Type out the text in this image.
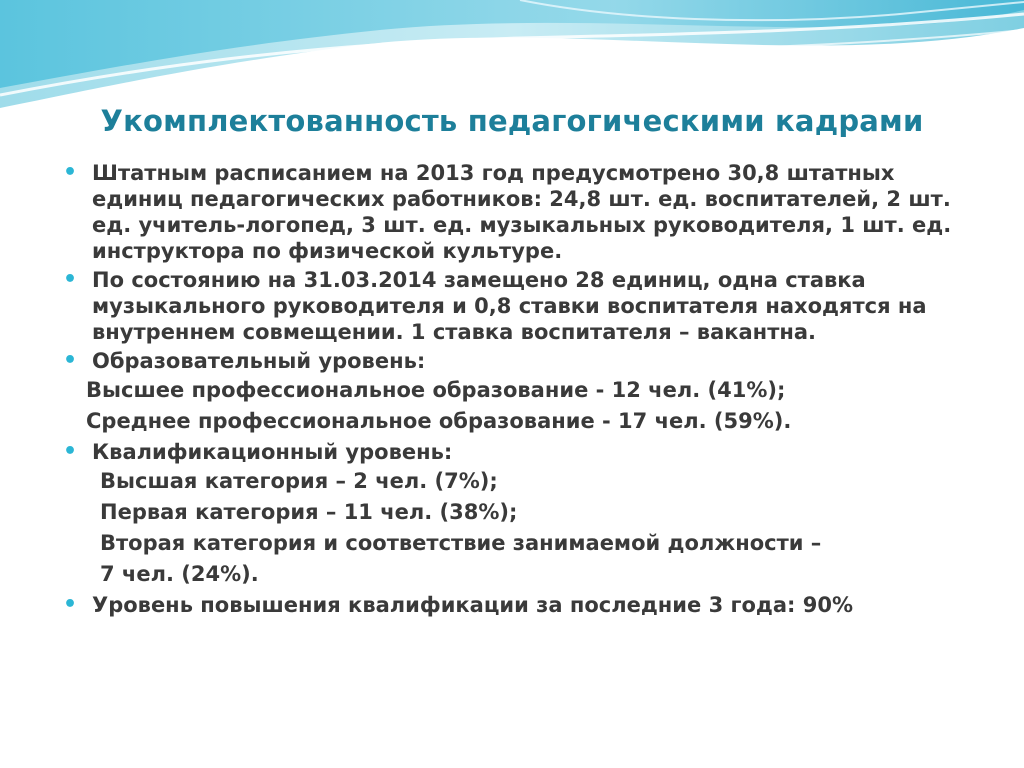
Укомплектованность педагогическими кадрами
• Штатным расписанием на 2013 год предусмотрено 30,8 штатных единиц педагогических работников: 24,8 шт. ед. воспитателей, 2 шт. ед. учитель-логопед, 3 шт. ед. музыкальных руководителя, 1 шт. ед. инструктора по физической культуре.
• По состоянию на 31.03.2014 замещено 28 единиц, одна ставка музыкального руководителя и 0,8 ставки воспитателя находятся на внутреннем совмещении. 1 ставка воспитателя – вакантна.
• Образовательный уровень:
Высшее профессиональное образование - 12 чел. (41%);
Среднее профессиональное образование - 17 чел. (59%).
• Квалификационный уровень:
Высшая категория – 2 чел. (7%);
Первая категория – 11 чел. (38%);
Вторая категория и соответствие занимаемой должности –
7 чел. (24%).
• Уровень повышения квалификации за последние 3 года: 90%
